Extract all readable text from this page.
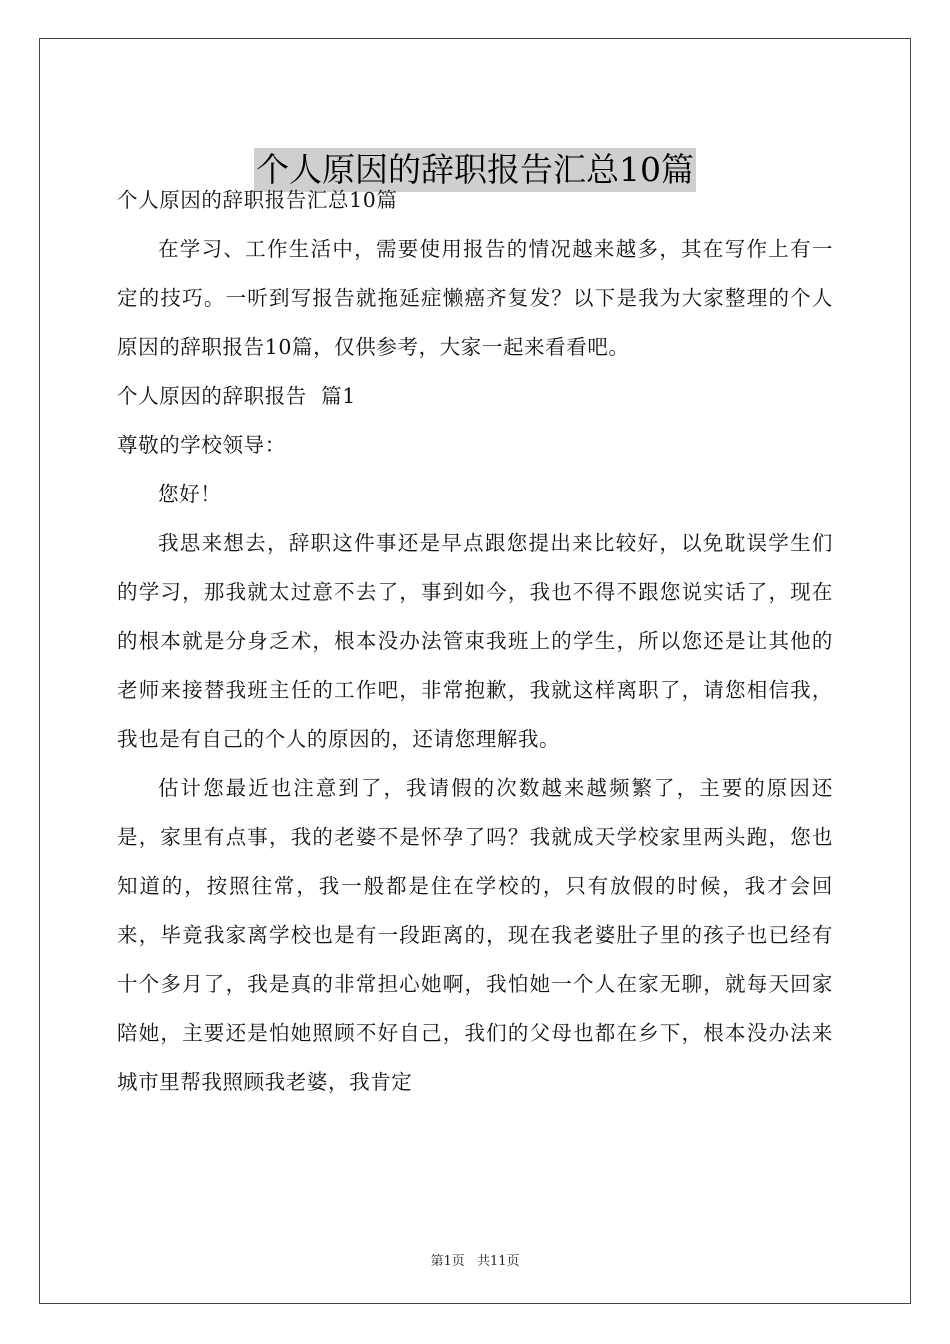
个人原因的辞职报告汇总10篇

个人原因的辞职报告汇总10篇

在学习、工作生活中，需要使用报告的情况越来越多，其在写作上有一定的技巧。一听到写报告就拖延症懒癌齐复发？以下是我为大家整理的个人原因的辞职报告10篇，仅供参考，大家一起来看看吧。

个人原因的辞职报告  篇1

尊敬的学校领导：

您好！

我思来想去，辞职这件事还是早点跟您提出来比较好，以免耽误学生们的学习，那我就太过意不去了，事到如今，我也不得不跟您说实话了，现在的根本就是分身乏术，根本没办法管束我班上的学生，所以您还是让其他的老师来接替我班主任的工作吧，非常抱歉，我就这样离职了，请您相信我，我也是有自己的个人的原因的，还请您理解我。

估计您最近也注意到了，我请假的次数越来越频繁了，主要的原因还是，家里有点事，我的老婆不是怀孕了吗？我就成天学校家里两头跑，您也知道的，按照往常，我一般都是住在学校的，只有放假的时候，我才会回来，毕竟我家离学校也是有一段距离的，现在我老婆肚子里的孩子也已经有十个多月了，我是真的非常担心她啊，我怕她一个人在家无聊，就每天回家陪她，主要还是怕她照顾不好自己，我们的父母也都在乡下，根本没办法来城市里帮我照顾我老婆，我肯定

第1页 共11页
